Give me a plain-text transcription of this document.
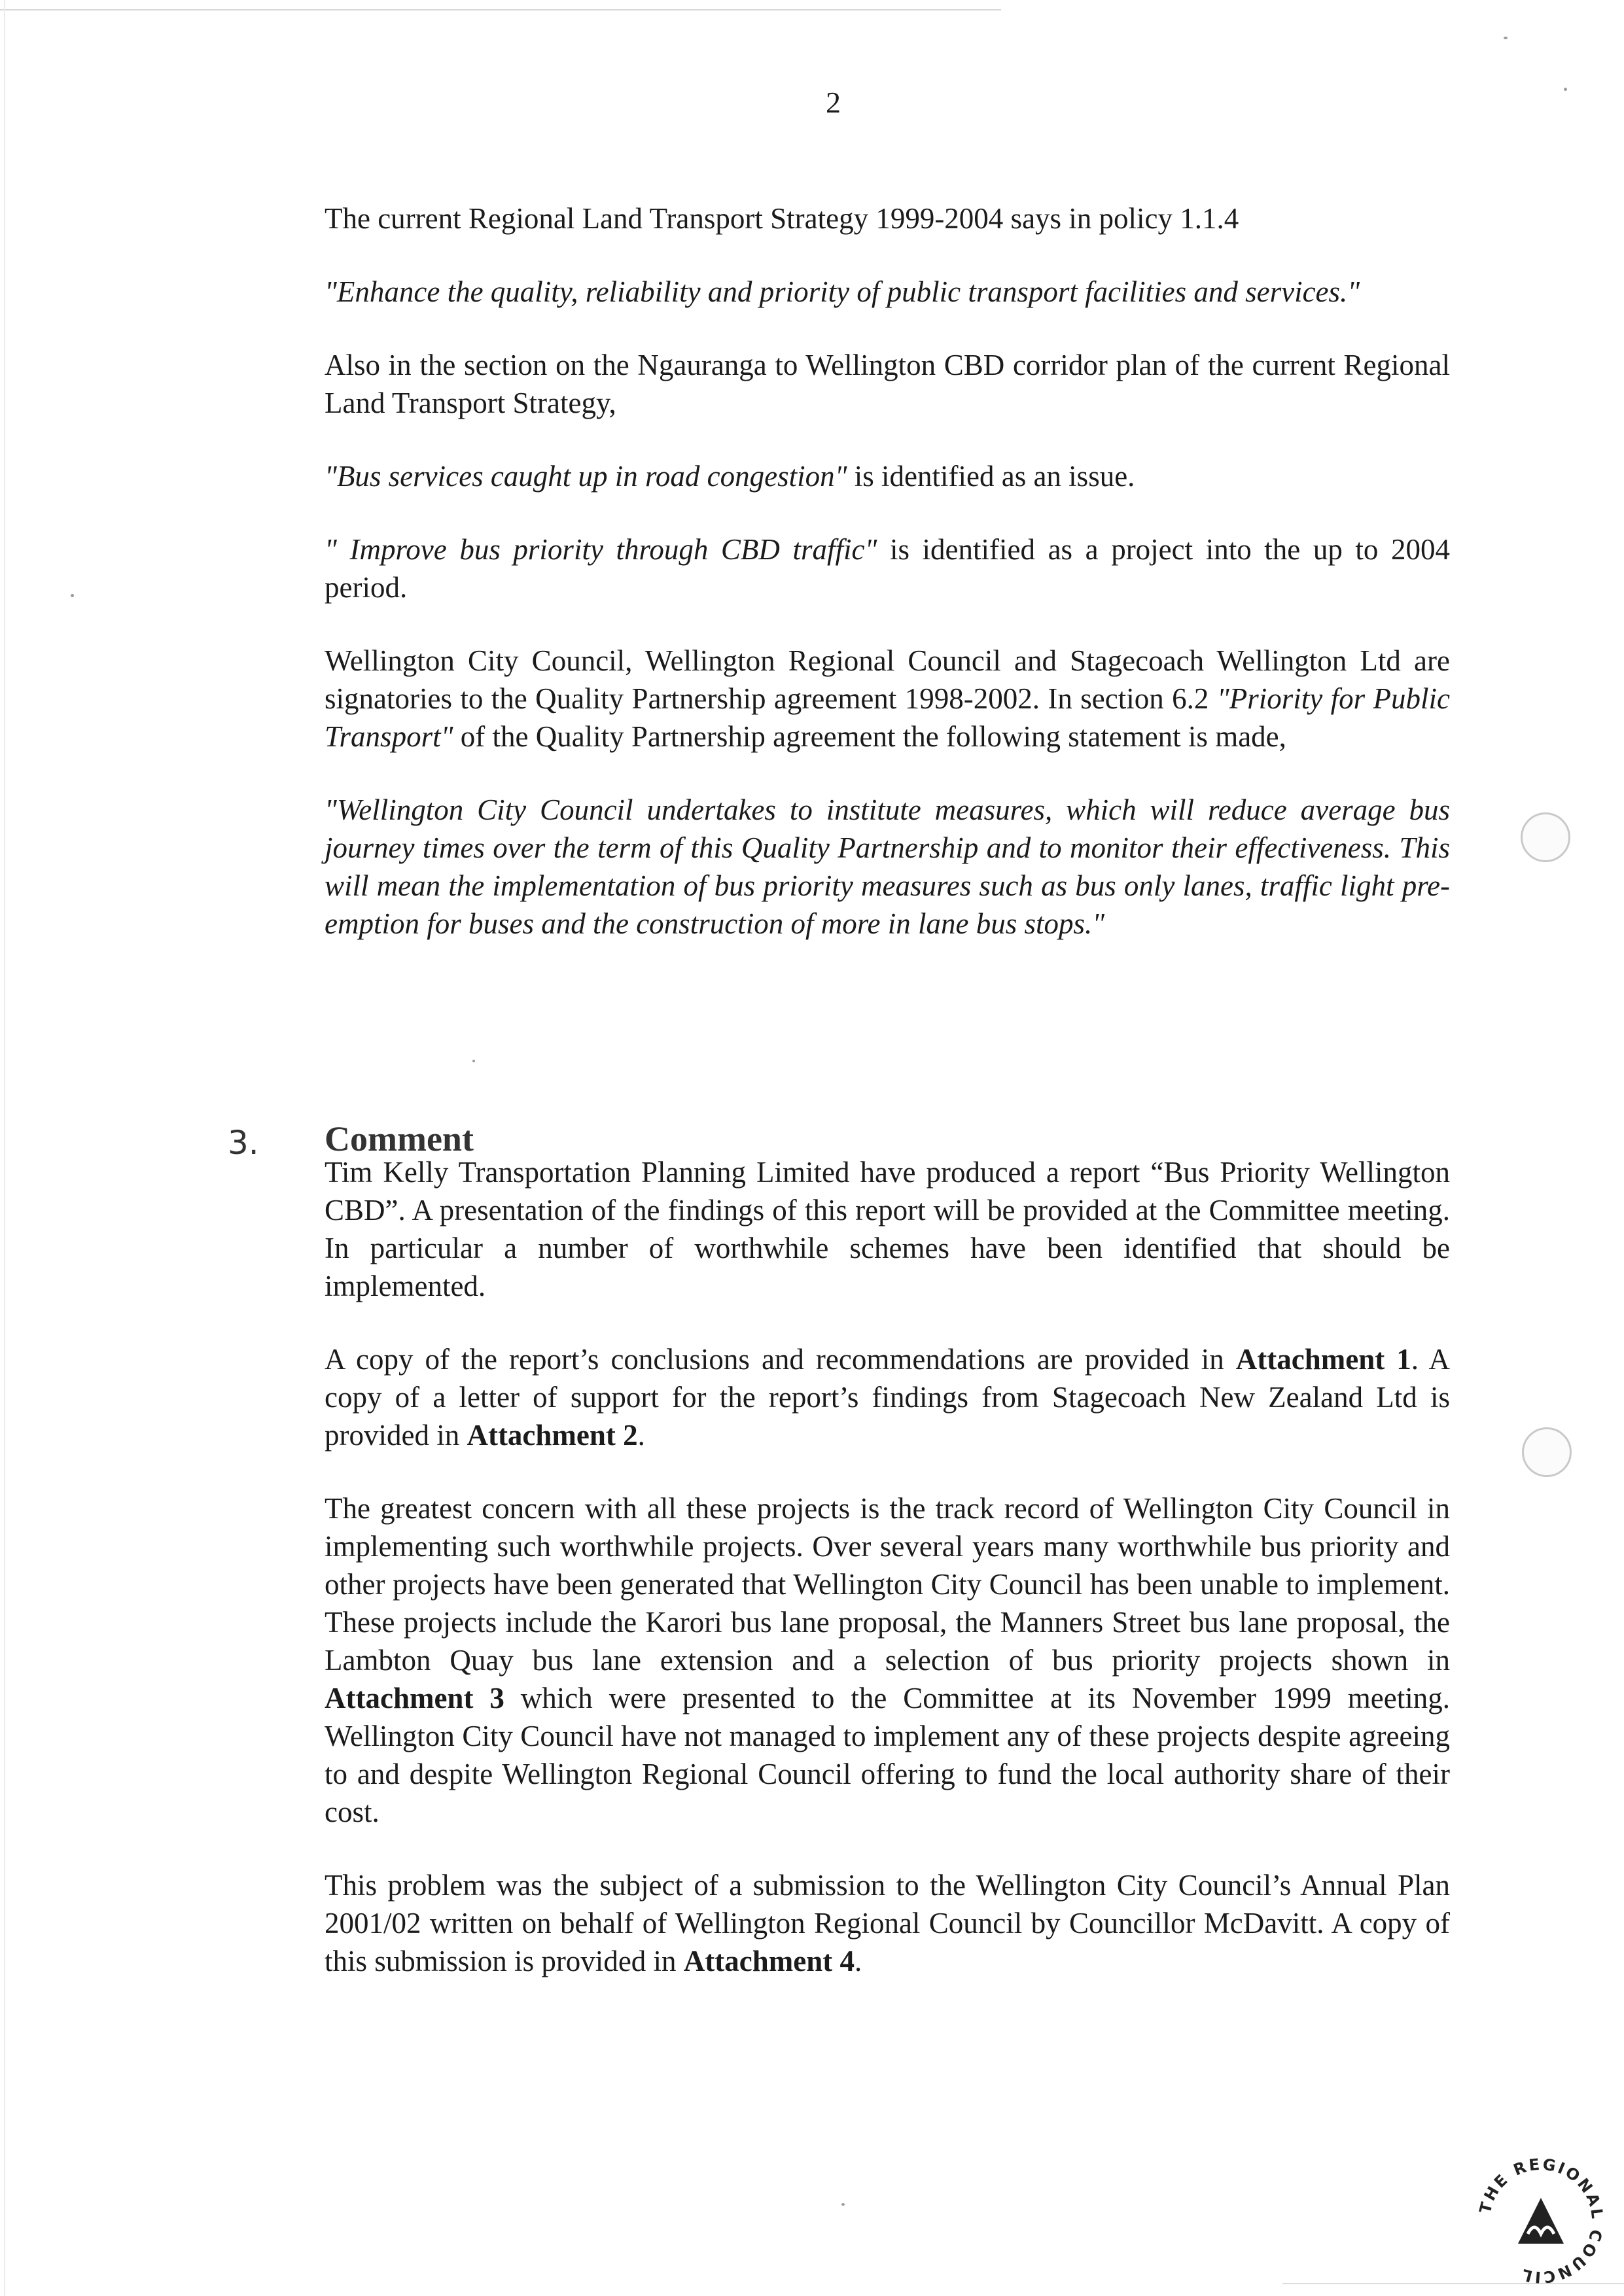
2

The current Regional Land Transport Strategy 1999-2004 says in policy 1.1.4

"Enhance the quality, reliability and priority of public transport facilities and services."

Also in the section on the Ngauranga to Wellington CBD corridor plan of the current Regional Land Transport Strategy,

"Bus services caught up in road congestion" is identified as an issue.

" Improve bus priority through CBD traffic" is identified as a project into the up to 2004 period.

Wellington City Council, Wellington Regional Council and Stagecoach Wellington Ltd are signatories to the Quality Partnership agreement 1998-2002. In section 6.2 "Priority for Public Transport" of the Quality Partnership agreement the following statement is made,

"Wellington City Council undertakes to institute measures, which will reduce average bus journey times over the term of this Quality Partnership and to monitor their effectiveness. This will mean the implementation of bus priority measures such as bus only lanes, traffic light pre-emption for buses and the construction of more in lane bus stops."

Tim Kelly Transportation Planning Limited have produced a report “Bus Priority Wellington CBD”. A presentation of the findings of this report will be provided at the Committee meeting. In particular a number of worthwhile schemes have been identified that should be implemented.

A copy of the report’s conclusions and recommendations are provided in Attachment 1. A copy of a letter of support for the report’s findings from Stagecoach New Zealand Ltd is provided in Attachment 2.

The greatest concern with all these projects is the track record of Wellington City Council in implementing such worthwhile projects. Over several years many worthwhile bus priority and other projects have been generated that Wellington City Council has been unable to implement. These projects include the Karori bus lane proposal, the Manners Street bus lane proposal, the Lambton Quay bus lane extension and a selection of bus priority projects shown in Attachment 3 which were presented to the Committee at its November 1999 meeting. Wellington City Council have not managed to implement any of these projects despite agreeing to and despite Wellington Regional Council offering to fund the local authority share of their cost.

This problem was the subject of a submission to the Wellington City Council’s Annual Plan 2001/02 written on behalf of Wellington Regional Council by Councillor McDavitt. A copy of this submission is provided in Attachment 4.

3. Comment
THE REGIONAL COUNCIL
